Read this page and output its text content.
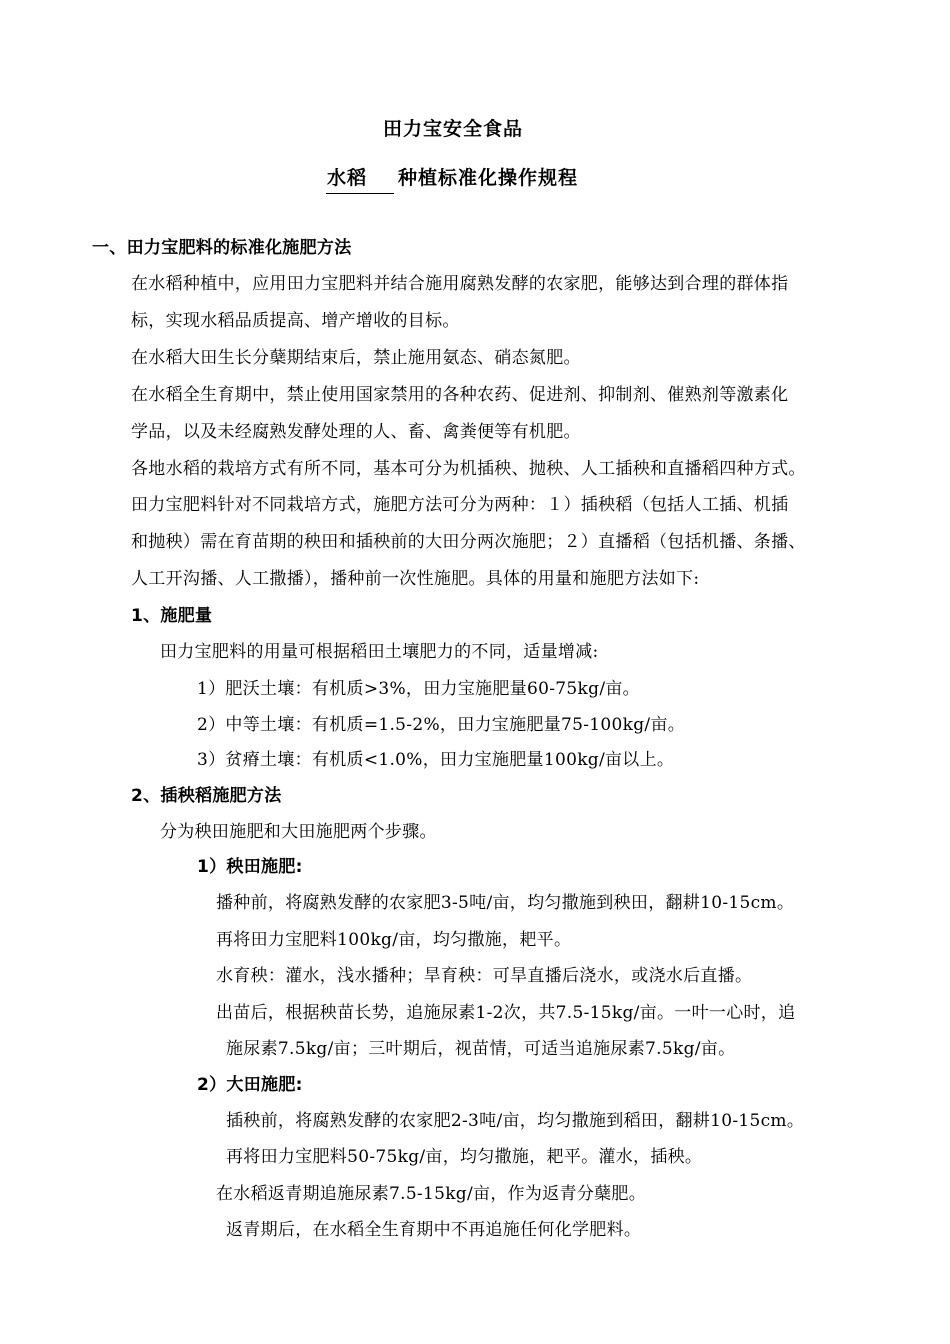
田力宝安全食品
水稻 种植标准化操作规程
一、田力宝肥料的标准化施肥方法
在水稻种植中，应用田力宝肥料并结合施用腐熟发酵的农家肥，能够达到合理的群体指
标，实现水稻品质提高、增产增收的目标。
在水稻大田生长分蘖期结束后，禁止施用氨态、硝态氮肥。
在水稻全生育期中，禁止使用国家禁用的各种农药、促进剂、抑制剂、催熟剂等激素化
学品，以及未经腐熟发酵处理的人、畜、禽粪便等有机肥。
各地水稻的栽培方式有所不同，基本可分为机插秧、抛秧、人工插秧和直播稻四种方式。
田力宝肥料针对不同栽培方式，施肥方法可分为两种：１）插秧稻（包括人工插、机插
和抛秧）需在育苗期的秧田和插秧前的大田分两次施肥；２）直播稻（包括机播、条播、
人工开沟播、人工撒播），播种前一次性施肥。具体的用量和施肥方法如下:
1、施肥量
田力宝肥料的用量可根据稻田土壤肥力的不同，适量增减:
1）肥沃土壤：有机质>3%，田力宝施肥量60-75kg/亩。
2）中等土壤：有机质=1.5-2%，田力宝施肥量75-100kg/亩。
3）贫瘠土壤：有机质<1.0%，田力宝施肥量100kg/亩以上。
2、插秧稻施肥方法
分为秧田施肥和大田施肥两个步骤。
1）秧田施肥:
播种前，将腐熟发酵的农家肥3-5吨/亩，均匀撒施到秧田，翻耕10-15cm。
再将田力宝肥料100kg/亩，均匀撒施，耙平。
水育秧：灌水，浅水播种；旱育秧：可旱直播后浇水，或浇水后直播。
出苗后，根据秧苗长势，追施尿素1-2次，共7.5-15kg/亩。一叶一心时，追
施尿素7.5kg/亩；三叶期后，视苗情，可适当追施尿素7.5kg/亩。
2）大田施肥:
插秧前，将腐熟发酵的农家肥2-3吨/亩，均匀撒施到稻田，翻耕10-15cm。
再将田力宝肥料50-75kg/亩，均匀撒施，耙平。灌水，插秧。
在水稻返青期追施尿素7.5-15kg/亩，作为返青分蘖肥。
返青期后，在水稻全生育期中不再追施任何化学肥料。
